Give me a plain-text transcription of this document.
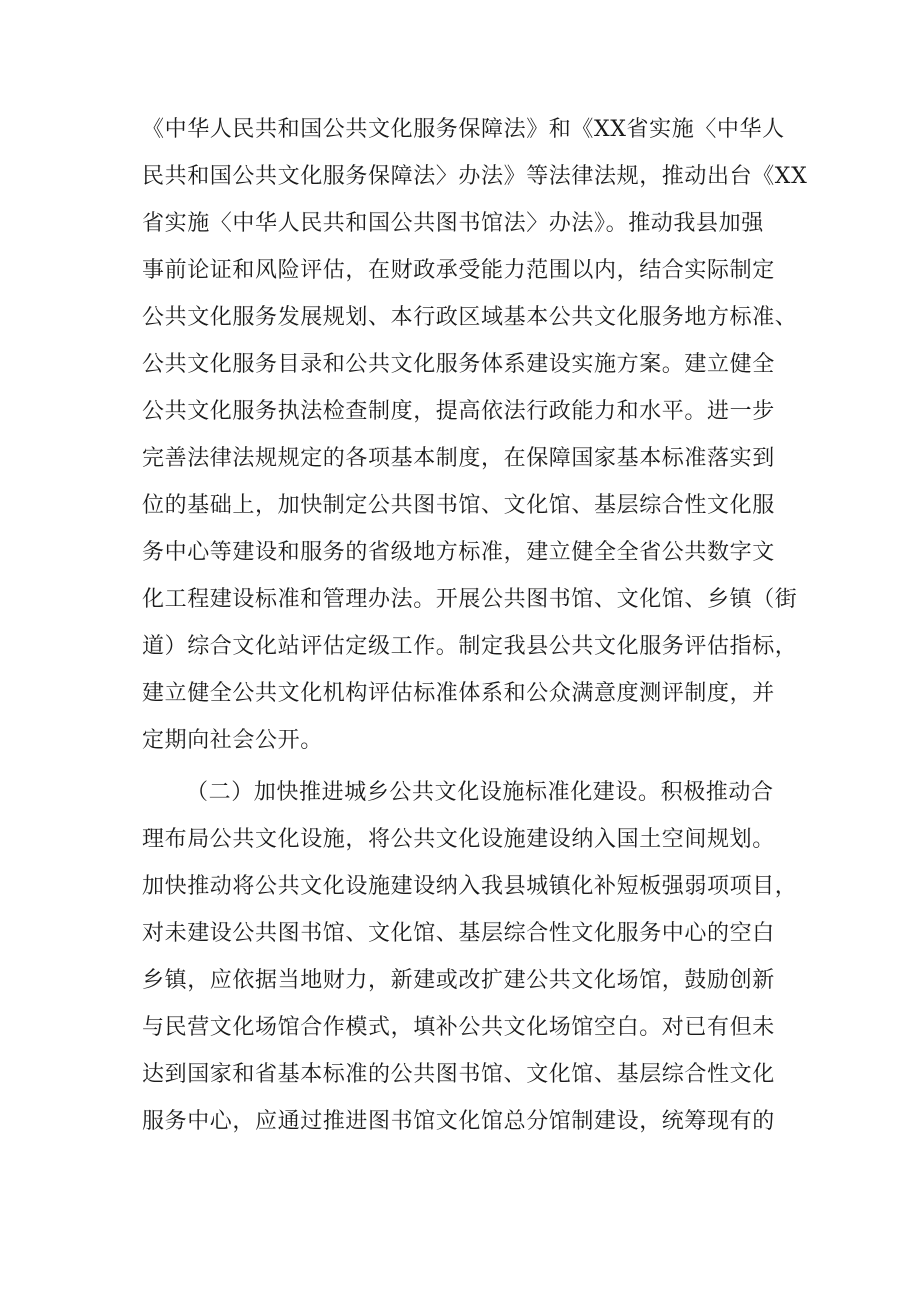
《中华人民共和国公共文化服务保障法》和《XX省实施〈中华人
民共和国公共文化服务保障法〉办法》等法律法规，推动出台《XX
省实施〈中华人民共和国公共图书馆法〉办法》。推动我县加强
事前论证和风险评估，在财政承受能力范围以内，结合实际制定
公共文化服务发展规划、本行政区域基本公共文化服务地方标准、
公共文化服务目录和公共文化服务体系建设实施方案。建立健全
公共文化服务执法检查制度，提高依法行政能力和水平。进一步
完善法律法规规定的各项基本制度，在保障国家基本标准落实到
位的基础上，加快制定公共图书馆、文化馆、基层综合性文化服
务中心等建设和服务的省级地方标准，建立健全全省公共数字文
化工程建设标准和管理办法。开展公共图书馆、文化馆、乡镇（街
道）综合文化站评估定级工作。制定我县公共文化服务评估指标，
建立健全公共文化机构评估标准体系和公众满意度测评制度，并
定期向社会公开。
（二）加快推进城乡公共文化设施标准化建设。积极推动合
理布局公共文化设施，将公共文化设施建设纳入国土空间规划。
加快推动将公共文化设施建设纳入我县城镇化补短板强弱项项目，
对未建设公共图书馆、文化馆、基层综合性文化服务中心的空白
乡镇，应依据当地财力，新建或改扩建公共文化场馆，鼓励创新
与民营文化场馆合作模式，填补公共文化场馆空白。对已有但未
达到国家和省基本标准的公共图书馆、文化馆、基层综合性文化
服务中心，应通过推进图书馆文化馆总分馆制建设，统筹现有的
